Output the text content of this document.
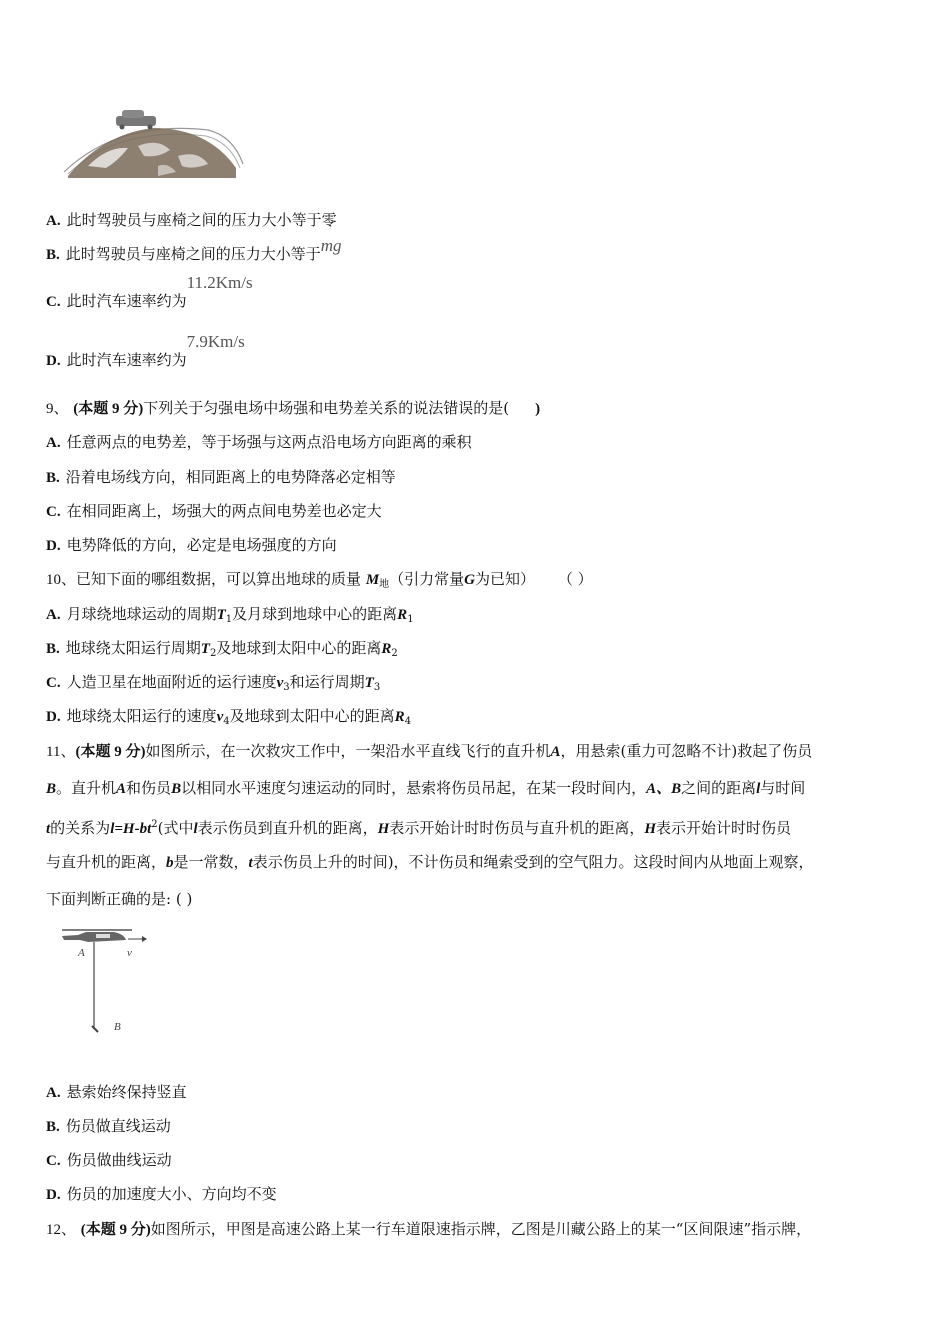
A. 此时驾驶员与座椅之间的压力大小等于零
B. 此时驾驶员与座椅之间的压力大小等于mg
C. 此时汽车速率约为11.2Km/s
D. 此时汽车速率约为7.9Km/s
9、 (本题 9 分)下列关于匀强电场中场强和电势差关系的说法错误的是( )
A. 任意两点的电势差，等于场强与这两点沿电场方向距离的乘积
B. 沿着电场线方向，相同距离上的电势降落必定相等
C. 在相同距离上，场强大的两点间电势差也必定大
D. 电势降低的方向，必定是电场强度的方向
10、已知下面的哪组数据，可以算出地球的质量 $M_地$（引力常量G为已知） （ ）
A. 月球绕地球运动的周期$T_1$及月球到地球中心的距离$R_1$
B. 地球绕太阳运行周期$T_2$及地球到太阳中心的距离$R_2$
C. 人造卫星在地面附近的运行速度$v_3$和运行周期$T_3$
D. 地球绕太阳运行的速度$v_4$及地球到太阳中心的距离$R_4$
11、(本题 9 分)如图所示，在一次救灾工作中，一架沿水平直线飞行的直升机A，用悬索(重力可忽略不计)救起了伤员
B。直升机A和伤员B以相同水平速度匀速运动的同时，悬索将伤员吊起，在某一段时间内，A、B之间的距离l与时间
t的关系为$l=H-bt^2$(式中l表示伤员到直升机的距离，H表示开始计时时伤员与直升机的距离，H表示开始计时时伤员
与直升机的距离，b是一常数，t表示伤员上升的时间)，不计伤员和绳索受到的空气阻力。这段时间内从地面上观察，
下面判断正确的是: ( )
A	v
B
A. 悬索始终保持竖直
B. 伤员做直线运动
C. 伤员做曲线运动
D. 伤员的加速度大小、方向均不变
12、 (本题 9 分)如图所示，甲图是高速公路上某一行车道限速指示牌，乙图是川藏公路上的某一“区间限速”指示牌，
